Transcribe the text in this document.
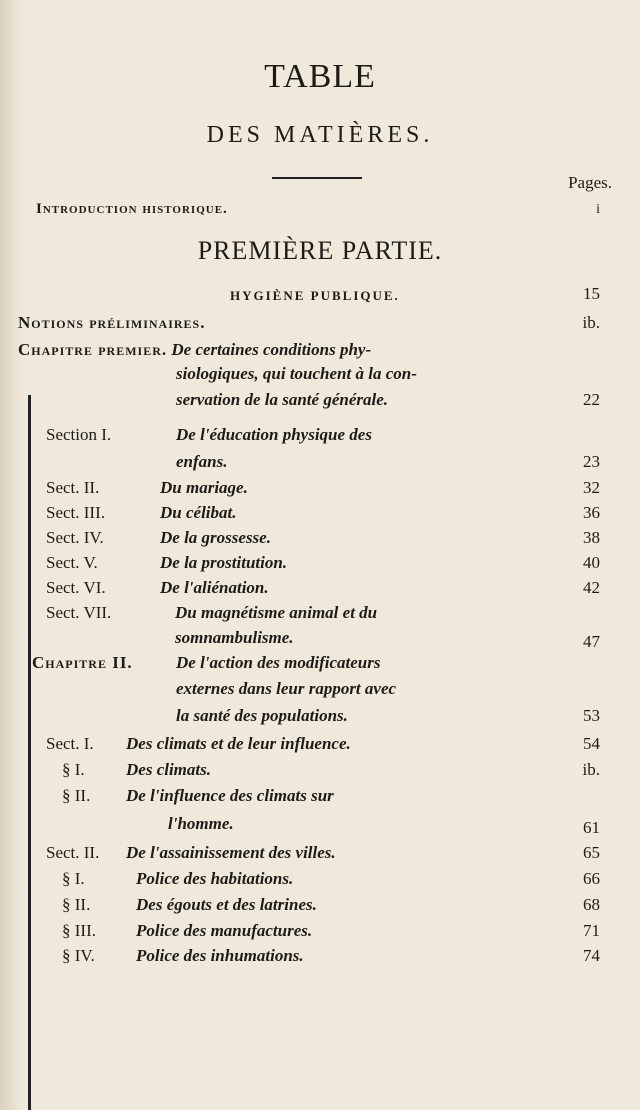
TABLE
DES MATIÈRES.
Pages.
Introduction historique.	i
PREMIÈRE PARTIE.
HYGIÈNE PUBLIQUE.	15
Notions préliminaires.	ib.
Chapitre premier. De certaines conditions phy-
siologiques, qui touchent à la con-
servation de la santé générale.	22
Section I.	De l'éducation physique des
enfans.	23
Sect. II.	Du mariage.	32
Sect. III.	Du célibat.	36
Sect. IV.	De la grossesse.	38
Sect. V.	De la prostitution.	40
Sect. VI.	De l'aliénation.	42
Sect. VII.	Du magnétisme animal et du
somnambulisme.	47
Chapitre II.	De l'action des modificateurs
externes dans leur rapport avec
la santé des populations.	53
Sect. I. Des climats et de leur influence.	54
§ I. Des climats.	ib.
§ II. De l'influence des climats sur
l'homme.	61
Sect. II. De l'assainissement des villes.	65
§ I.	Police des habitations.	66
§ II.	Des égouts et des latrines.	68
§ III. Police des manufactures.	71
§ IV. Police des inhumations.	74
